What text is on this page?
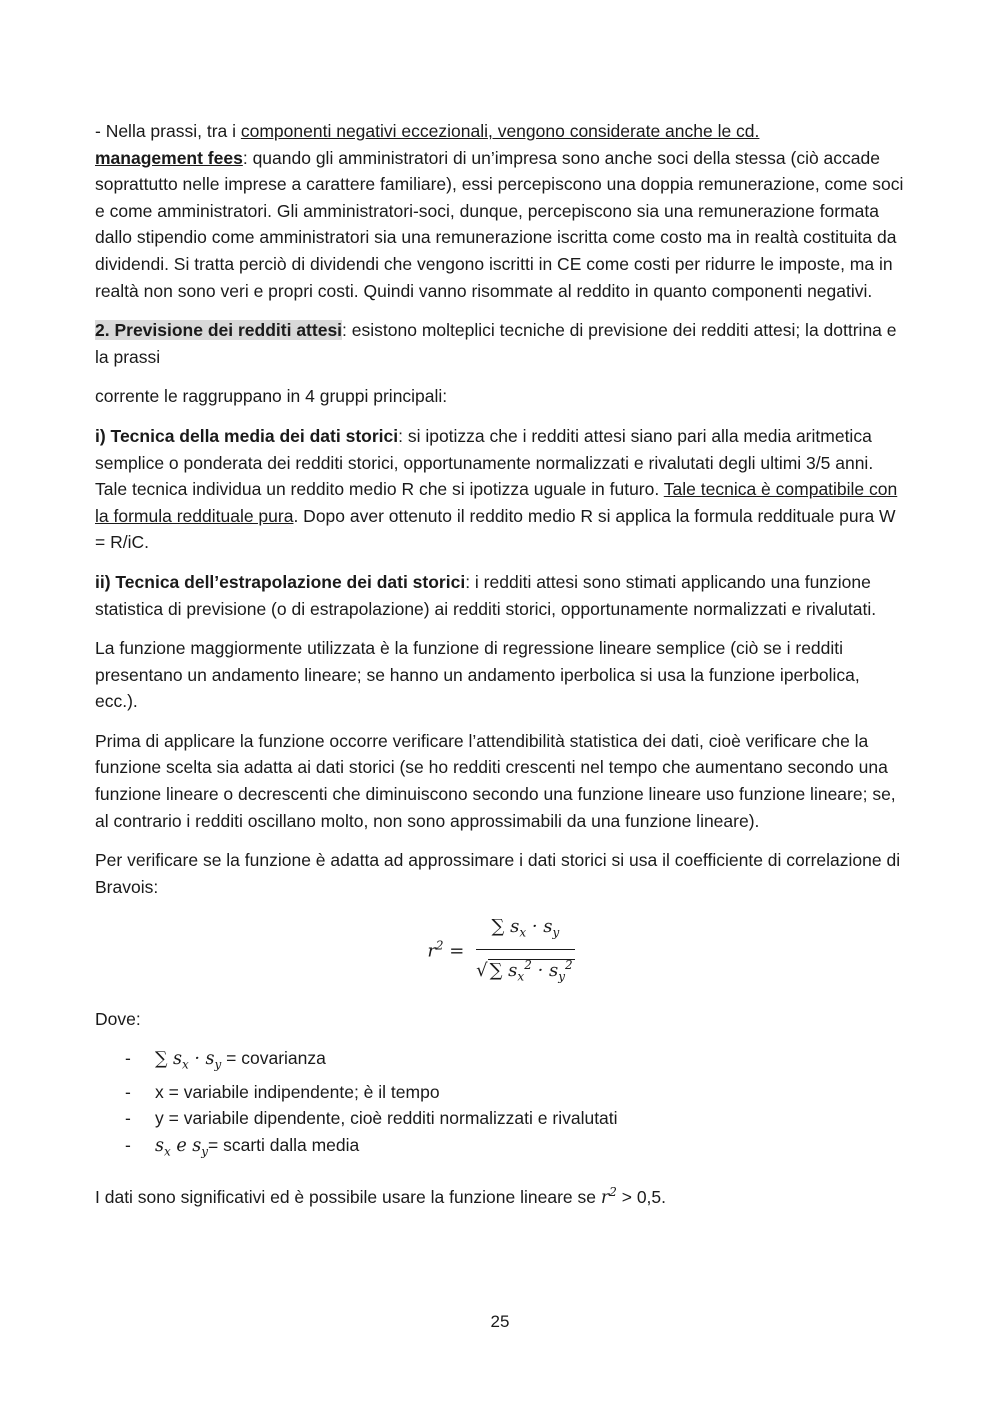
- Nella prassi, tra i componenti negativi eccezionali, vengono considerate anche le cd.
management fees: quando gli amministratori di un’impresa sono anche soci della stessa (ciò accade soprattutto nelle imprese a carattere familiare), essi percepiscono una doppia remunerazione, come soci e come amministratori. Gli amministratori-soci, dunque, percepiscono sia una remunerazione formata dallo stipendio come amministratori sia una remunerazione iscritta come costo ma in realtà costituita da dividendi. Si tratta perciò di dividendi che vengono iscritti in CE come costi per ridurre le imposte, ma in realtà non sono veri e propri costi. Quindi vanno risommate al reddito in quanto componenti negativi.

2. Previsione dei redditi attesi: esistono molteplici tecniche di previsione dei redditi attesi; la dottrina e la prassi

corrente le raggruppano in 4 gruppi principali:

i) Tecnica della media dei dati storici: si ipotizza che i redditi attesi siano pari alla media aritmetica semplice o ponderata dei redditi storici, opportunamente normalizzati e rivalutati degli ultimi 3/5 anni. Tale tecnica individua un reddito medio R che si ipotizza uguale in futuro. Tale tecnica è compatibile con la formula reddituale pura. Dopo aver ottenuto il reddito medio R si applica la formula reddituale pura W = R/iC.

ii) Tecnica dell’estrapolazione dei dati storici: i redditi attesi sono stimati applicando una funzione statistica di previsione (o di estrapolazione) ai redditi storici, opportunamente normalizzati e rivalutati.

La funzione maggiormente utilizzata è la funzione di regressione lineare semplice (ciò se i redditi presentano un andamento lineare; se hanno un andamento iperbolica si usa la funzione iperbolica, ecc.).

Prima di applicare la funzione occorre verificare l’attendibilità statistica dei dati, cioè verificare che la funzione scelta sia adatta ai dati storici (se ho redditi crescenti nel tempo che aumentano secondo una funzione lineare o decrescenti che diminuiscono secondo una funzione lineare uso funzione lineare; se, al contrario i redditi oscillano molto, non sono approssimabili da una funzione lineare).

Per verificare se la funzione è adatta ad approssimare i dati storici si usa il coefficiente di correlazione di Bravois:

$r^2 = \frac{\sum s_x \cdot s_y}{√ \sum s_x^2 \cdot s_y^2}$

Dove:

- ∑ $s_x \cdot s_y$ = covarianza
- x = variabile indipendente; è il tempo
- y = variabile dipendente, cioè redditi normalizzati e rivalutati
- $s_x$ e $s_y=$ scarti dalla media

I dati sono significativi ed è possibile usare la funzione lineare se $r^2 > 0,5$.

25
